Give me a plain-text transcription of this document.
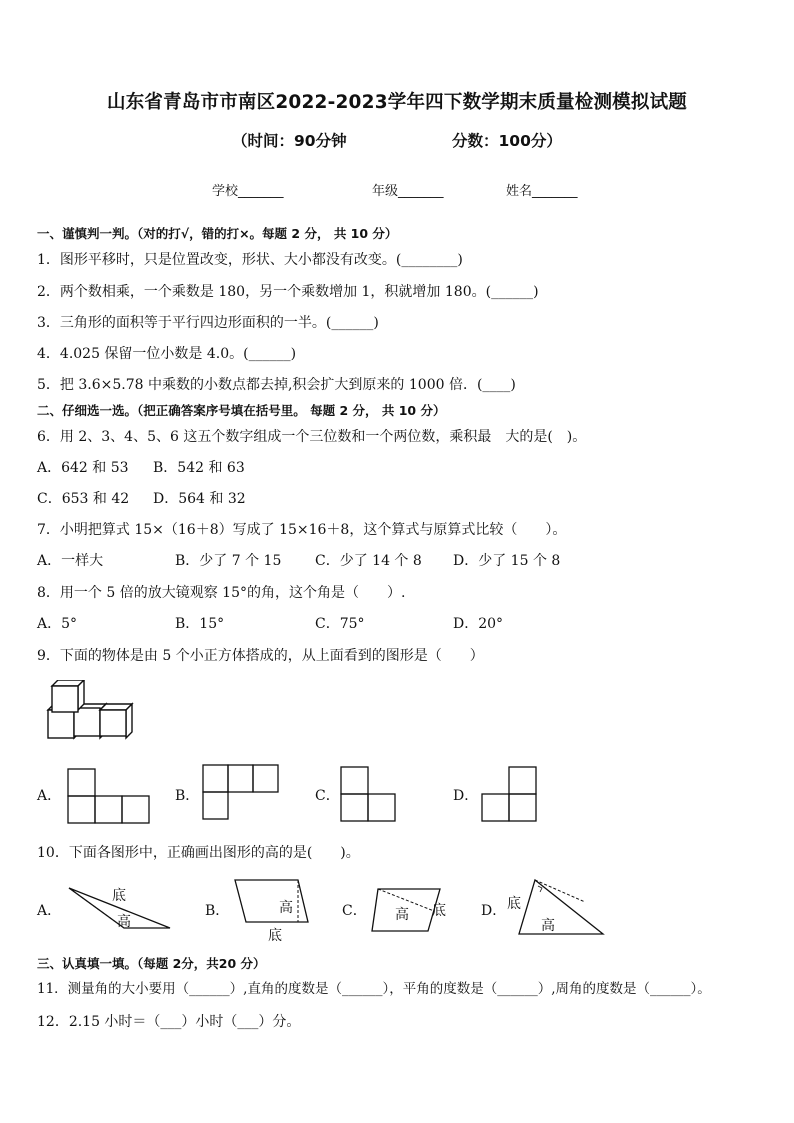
山东省青岛市市南区2022-2023学年四下数学期末质量检测模拟试题
（时间：90分钟	分数：100分）
学校_______	年级_______	姓名_______
一、谨慎判一判。（对的打√，错的打×。每题 2 分， 共 10 分）
1．图形平移时，只是位置改变，形状、大小都没有改变。(________)
2．两个数相乘，一个乘数是 180，另一个乘数增加 1，积就增加 180。(______)
3．三角形的面积等于平行四边形面积的一半。(______)
4．4.025 保留一位小数是 4.0。(______)
5．把 3.6×5.78 中乘数的小数点都去掉,积会扩大到原来的 1000 倍．(____)
二、仔细选一选。（把正确答案序号填在括号里。 每题 2 分， 共 10 分）
6．用 2、3、4、5、6 这五个数字组成一个三位数和一个两位数，乘积最　大的是(　)。
A．642 和 53 B．542 和 63
C．653 和 42 D．564 和 32
7．小明把算式 15×（16＋8）写成了 15×16＋8，这个算式与原算式比较（　　）。
A．一样大	B．少了 7 个 15 C．少了 14 个 8 D．少了 15 个 8
8．用一个 5 倍的放大镜观察 15°的角，这个角是（　　）.
A．5°	B．15°	C．75°	D．20°
9．下面的物体是由 5 个小正方体搭成的，从上面看到的图形是（　　）
A．	B．	C．	D．
10．下面各图形中，正确画出图形的高的是(　　)。
A．
底
高
B．	高
底
C． 高 底	D． 底
高
三、认真填一填。（每题 2分，共20 分）
11．测量角的大小要用（______）,直角的度数是（______），平角的度数是（______）,周角的度数是（______）。
12．2.15 小时＝（___）小时（___）分。
